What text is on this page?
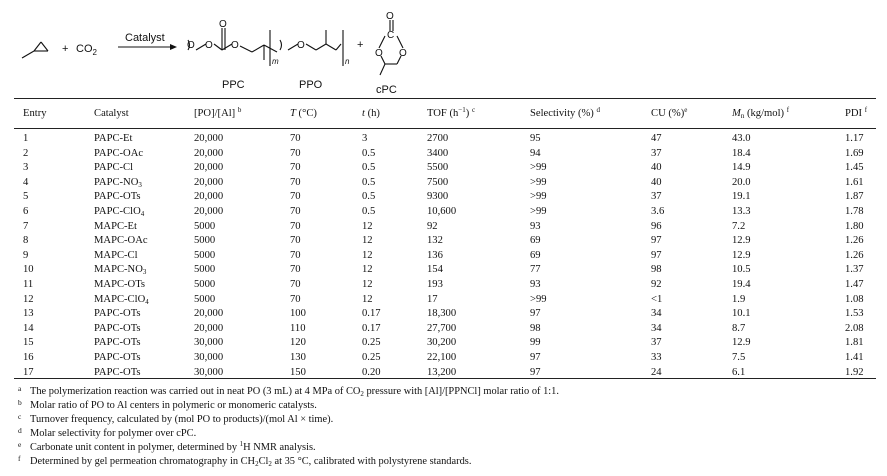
+ $CO_2$
Catalyst
O O
O
O
m
O
n
+
O
C
O O
PPC	PPO	cPC
Entry	Catalyst	[PO]/[Al] $^b$	T (°C)	t (h)	TOF $(h^{-1})$ $^c$	Selectivity (%) $^d$	CU (%)$^e$	$M_n$ (kg/mol) $^f$	PDI $^f$
1	PAPC-Et	20,000	70	3	2700	95	47	43.0	1.17
2	PAPC-OAc	20,000	70	0.5	3400	94	37	18.4	1.69
3	PAPC-Cl	20,000	70	0.5	5500	>99	40	14.9	1.45
4	PAPC-$NO_3$	20,000	70	0.5	7500	>99	40	20.0	1.61
5	PAPC-OTs	20,000	70	0.5	9300	>99	37	19.1	1.87
6	PAPC-ClO$_4$	20,000	70	0.5	10,600	>99	3.6	13.3	1.78
7	MAPC-Et	5000	70	12	92	93	96	7.2	1.80
8	MAPC-OAc	5000	70	12	132	69	97	12.9	1.26
9	MAPC-Cl	5000	70	12	136	69	97	12.9	1.26
10	MAPC-$NO_3$	5000	70	12	154	77	98	10.5	1.37
11	MAPC-OTs	5000	70	12	193	93	92	19.4	1.47
12	MAPC-ClO$_4$	5000	70	12	17	>99	<1	1.9	1.08
13	PAPC-OTs	20,000	100	0.17	18,300	97	34	10.1	1.53
14	PAPC-OTs	20,000	110	0.17	27,700	98	34	8.7	2.08
15	PAPC-OTs	30,000	120	0.25	30,200	99	37	12.9	1.81
16	PAPC-OTs	30,000	130	0.25	22,100	97	33	7.5	1.41
17	PAPC-OTs	30,000	150	0.20	13,200	97	24	6.1	1.92
a The polymerization reaction was carried out in neat PO (3 mL) at 4 MPa of $CO_2$ pressure with [Al]/[PPNCl] molar ratio of 1:1.
b Molar ratio of PO to Al centers in polymeric or monomeric catalysts.
c Turnover frequency, calculated by (mol PO to products)/(mol Al × time).
d Molar selectivity for polymer over cPC.
e Carbonate unit content in polymer, determined by $^1$H NMR analysis.
f Determined by gel permeation chromatography in $CH_2Cl_2$ at 35 °C, calibrated with polystyrene standards.
